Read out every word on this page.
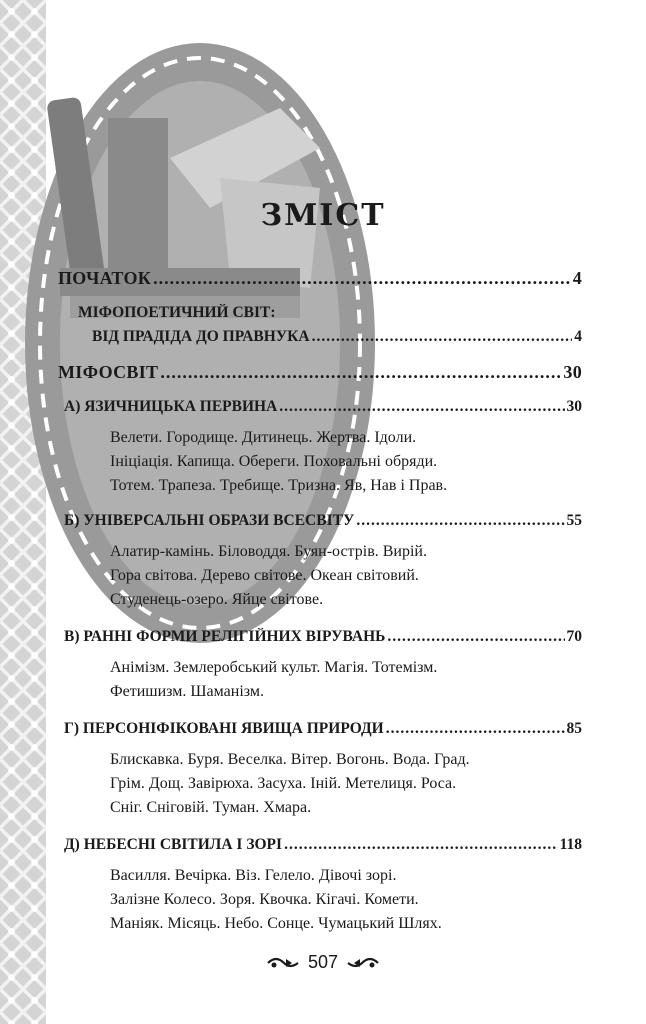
ЗМІСТ
ПОЧАТОК .....	4
МІФОПОЕТИЧНИЙ СВІТ:
ВІД ПРАДІДА ДО ПРАВНУКА .....	4
МІФОСВІТ .....	30
А) ЯЗИЧНИЦЬКА ПЕРВИНА .....	30
Велети. Городище. Дитинець. Жертва. Ідоли.
Ініціація. Капища. Обереги. Поховальні обряди.
Тотем. Трапеза. Требище. Тризна. Яв, Нав і Прав.
Б) УНІВЕРСАЛЬНІ ОБРАЗИ ВСЕСВІТУ .....	55
Алатир-камінь. Біловоддя. Буян-острів. Вирій.
Гора світова. Дерево світове. Океан світовий.
Студенець-озеро. Яйце світове.
В) РАННІ ФОРМИ РЕЛІГІЙНИХ ВІРУВАНЬ .....	70
Анімізм. Землеробський культ. Магія. Тотемізм.
Фетишизм. Шаманізм.
Г) ПЕРСОНІФІКОВАНІ ЯВИЩА ПРИРОДИ .....	85
Блискавка. Буря. Веселка. Вітер. Вогонь. Вода. Град.
Грім. Дощ. Завірюха. Засуха. Іній. Метелиця. Роса.
Сніг. Сніговій. Туман. Хмара.
Д) НЕБЕСНІ СВІТИЛА І ЗОРІ .....	118
Василля. Вечірка. Віз. Гелело. Дівочі зорі.
Залізне Колесо. Зоря. Квочка. Кігачі. Комети.
Маніяк. Місяць. Небо. Сонце. Чумацький Шлях.
507
